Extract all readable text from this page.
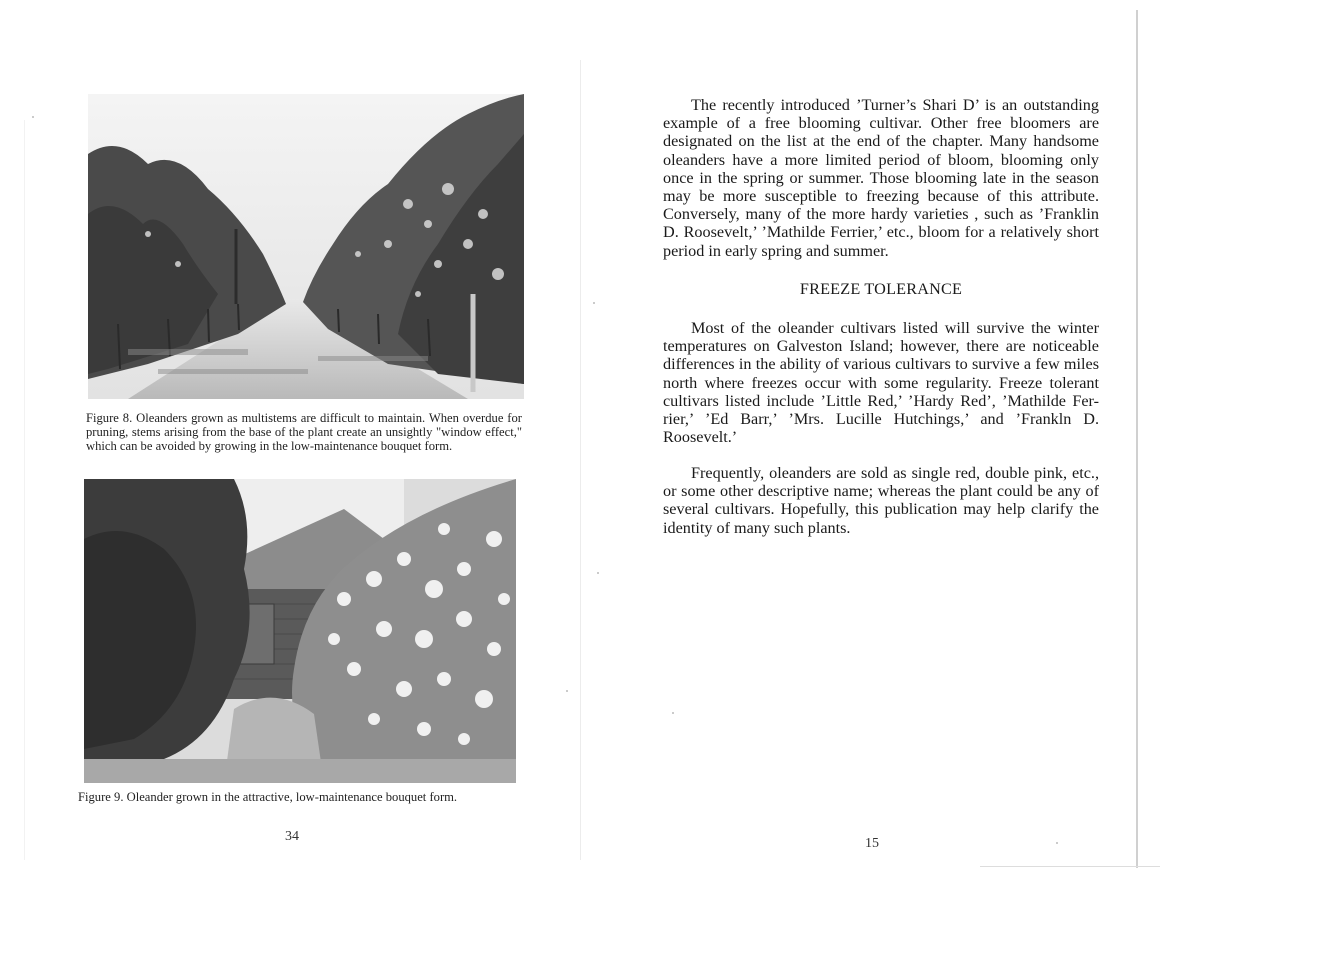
Figure 8. Oleanders grown as multistems are difficult to maintain. When overdue for pruning, stems arising from the base of the plant create an unsightly "window effect," which can be avoided by growing in the low-maintenance bouquet form.
Figure 9. Oleander grown in the attractive, low-maintenance bouquet form.
34

The recently introduced ’Turner’s Shari D’ is an outstanding example of a free blooming cultivar. Other free bloomers are designated on the list at the end of the chapter. Many handsome oleanders have a more limited period of bloom, blooming only once in the spring or summer. Those blooming late in the season may be more susceptible to freezing because of this attribute. Conversely, many of the more hardy varieties , such as ’Franklin D. Roosevelt,’ ’Mathilde Ferrier,’ etc., bloom for a relatively short period in early spring and summer.

FREEZE TOLERANCE

Most of the oleander cultivars listed will survive the winter temperatures on Galveston Island; however, there are noticeable differences in the ability of various cultivars to survive a few miles north where freezes occur with some regularity. Freeze tolerant cultivars listed include ’Little Red,’ ’Hardy Red’, ’Mathilde Fer- rier,’ ’Ed Barr,’ ’Mrs. Lucille Hutchings,’ and ’Frankln D. Roosevelt.’

Frequently, oleanders are sold as single red, double pink, etc., or some other descriptive name; whereas the plant could be any of several cultivars. Hopefully, this publication may help clarify the identity of many such plants.

15
